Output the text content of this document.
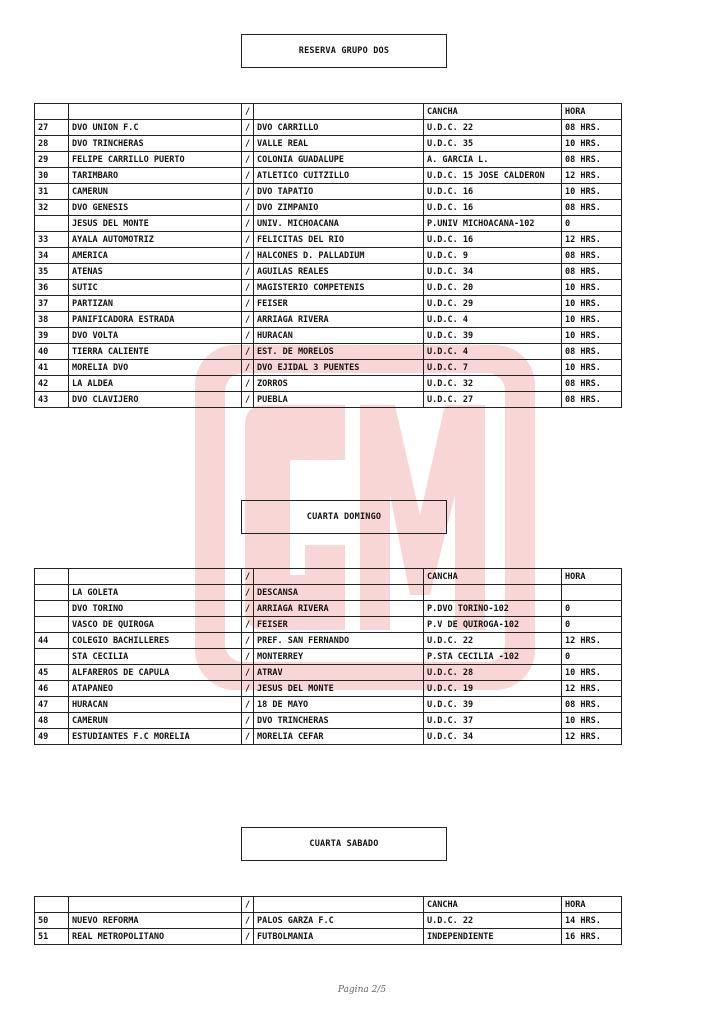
RESERVA GRUPO DOS
		/		CANCHA	HORA
27	DVO UNION F.C	/	DVO CARRILLO	U.D.C. 22	08 HRS.
28	DVO TRINCHERAS	/	VALLE REAL	U.D.C. 35	10 HRS.
29	FELIPE CARRILLO PUERTO	/	COLONIA GUADALUPE	A. GARCIA L.	08 HRS.
30	TARIMBARO	/	ATLETICO CUITZILLO	U.D.C. 15 JOSE CALDERON	12 HRS.
31	CAMERUN	/	DVO TAPATIO	U.D.C. 16	10 HRS.
32	DVO GENESIS	/	DVO ZIMPANIO	U.D.C. 16	08 HRS.
	JESUS DEL MONTE	/	UNIV. MICHOACANA	P.UNIV MICHOACANA-102	0
33	AYALA AUTOMOTRIZ	/	FELICITAS DEL RIO	U.D.C. 16	12 HRS.
34	AMERICA	/	HALCONES D. PALLADIUM	U.D.C. 9	08 HRS.
35	ATENAS	/	AGUILAS REALES	U.D.C. 34	08 HRS.
36	SUTIC	/	MAGISTERIO COMPETENIS	U.D.C. 20	10 HRS.
37	PARTIZAN	/	FEISER	U.D.C. 29	10 HRS.
38	PANIFICADORA ESTRADA	/	ARRIAGA RIVERA	U.D.C. 4	10 HRS.
39	DVO VOLTA	/	HURACAN	U.D.C. 39	10 HRS.
40	TIERRA CALIENTE	/	EST. DE MORELOS	U.D.C. 4	08 HRS.
41	MORELIA DVO	/	DVO EJIDAL 3 PUENTES	U.D.C. 7	10 HRS.
42	LA ALDEA	/	ZORROS	U.D.C. 32	08 HRS.
43	DVO CLAVIJERO	/	PUEBLA	U.D.C. 27	08 HRS.
CUARTA DOMINGO
		/		CANCHA	HORA
	LA GOLETA	/	DESCANSA		
	DVO TORINO	/	ARRIAGA RIVERA	P.DVO TORINO-102	0
	VASCO DE QUIROGA	/	FEISER	P.V DE QUIROGA-102	0
44	COLEGIO BACHILLERES	/	PREF. SAN FERNANDO	U.D.C. 22	12 HRS.
	STA CECILIA	/	MONTERREY	P.STA CECILIA -102	0
45	ALFAREROS DE CAPULA	/	ATRAV	U.D.C. 28	10 HRS.
46	ATAPANEO	/	JESUS DEL MONTE	U.D.C. 19	12 HRS.
47	HURACAN	/	18 DE MAYO	U.D.C. 39	08 HRS.
48	CAMERUN	/	DVO TRINCHERAS	U.D.C. 37	10 HRS.
49	ESTUDIANTES F.C MORELIA	/	MORELIA CEFAR	U.D.C. 34	12 HRS.
CUARTA SABADO
		/		CANCHA	HORA
50	NUEVO REFORMA	/	PALOS GARZA F.C	U.D.C. 22	14 HRS.
51	REAL METROPOLITANO	/	FUTBOLMANIA	INDEPENDIENTE	16 HRS.
Pagina 2/5
